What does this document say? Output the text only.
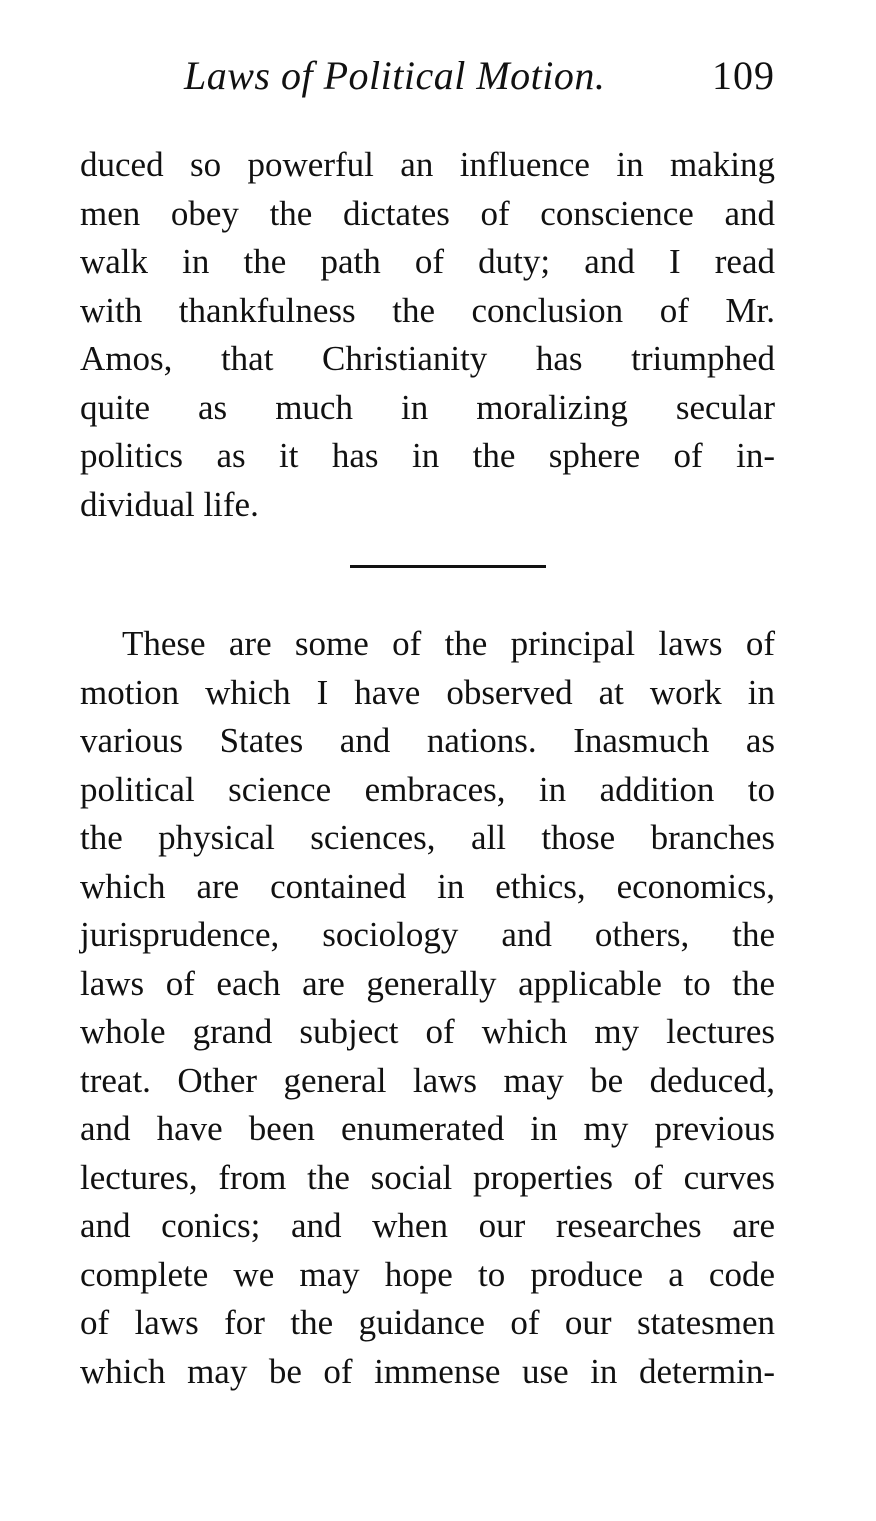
Laws of Political Motion.	109
duced so powerful an influence in making
men obey the dictates of conscience and
walk in the path of duty; and I read
with thankfulness the conclusion of Mr.
Amos, that Christianity has triumphed
quite as much in moralizing secular
politics as it has in the sphere of in-
dividual life.
These are some of the principal laws of
motion which I have observed at work in
various States and nations. Inasmuch as
political science embraces, in addition to
the physical sciences, all those branches
which are contained in ethics, economics,
jurisprudence, sociology and others, the
laws of each are generally applicable to the
whole grand subject of which my lectures
treat. Other general laws may be deduced,
and have been enumerated in my previous
lectures, from the social properties of curves
and conics; and when our researches are
complete we may hope to produce a code
of laws for the guidance of our statesmen
which may be of immense use in determin-
